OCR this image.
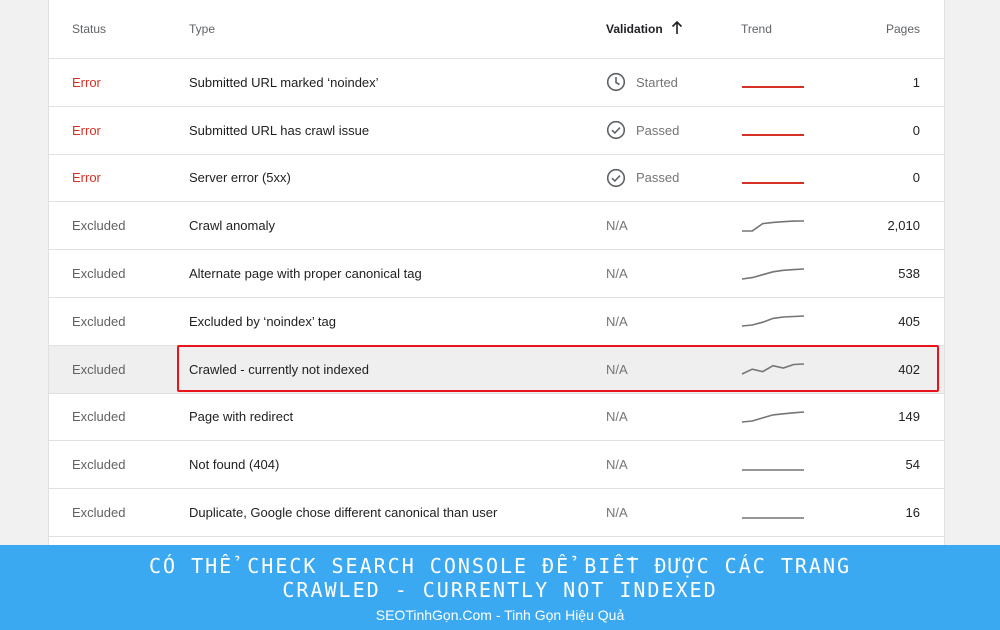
Status	Type	Validation	Trend	Pages
Error	Submitted URL marked ‘noindex’	Started	1
Error	Submitted URL has crawl issue	Passed	0
Error	Server error (5xx)	Passed	0
Excluded	Crawl anomaly	N/A	2,010
Excluded	Alternate page with proper canonical tag	N/A	538
Excluded	Excluded by ‘noindex’ tag	N/A	405
Excluded	Crawled - currently not indexed	N/A	402
Excluded	Page with redirect	N/A	149
Excluded	Not found (404)	N/A	54
Excluded	Duplicate, Google chose different canonical than user	N/A	16
CÓ THỂ CHECK SEARCH CONSOLE ĐỂ BIẾT ĐƯỢC CÁC TRANG
CRAWLED - CURRENTLY NOT INDEXED
SEOTinhGọn.Com - Tinh Gọn Hiệu Quả
